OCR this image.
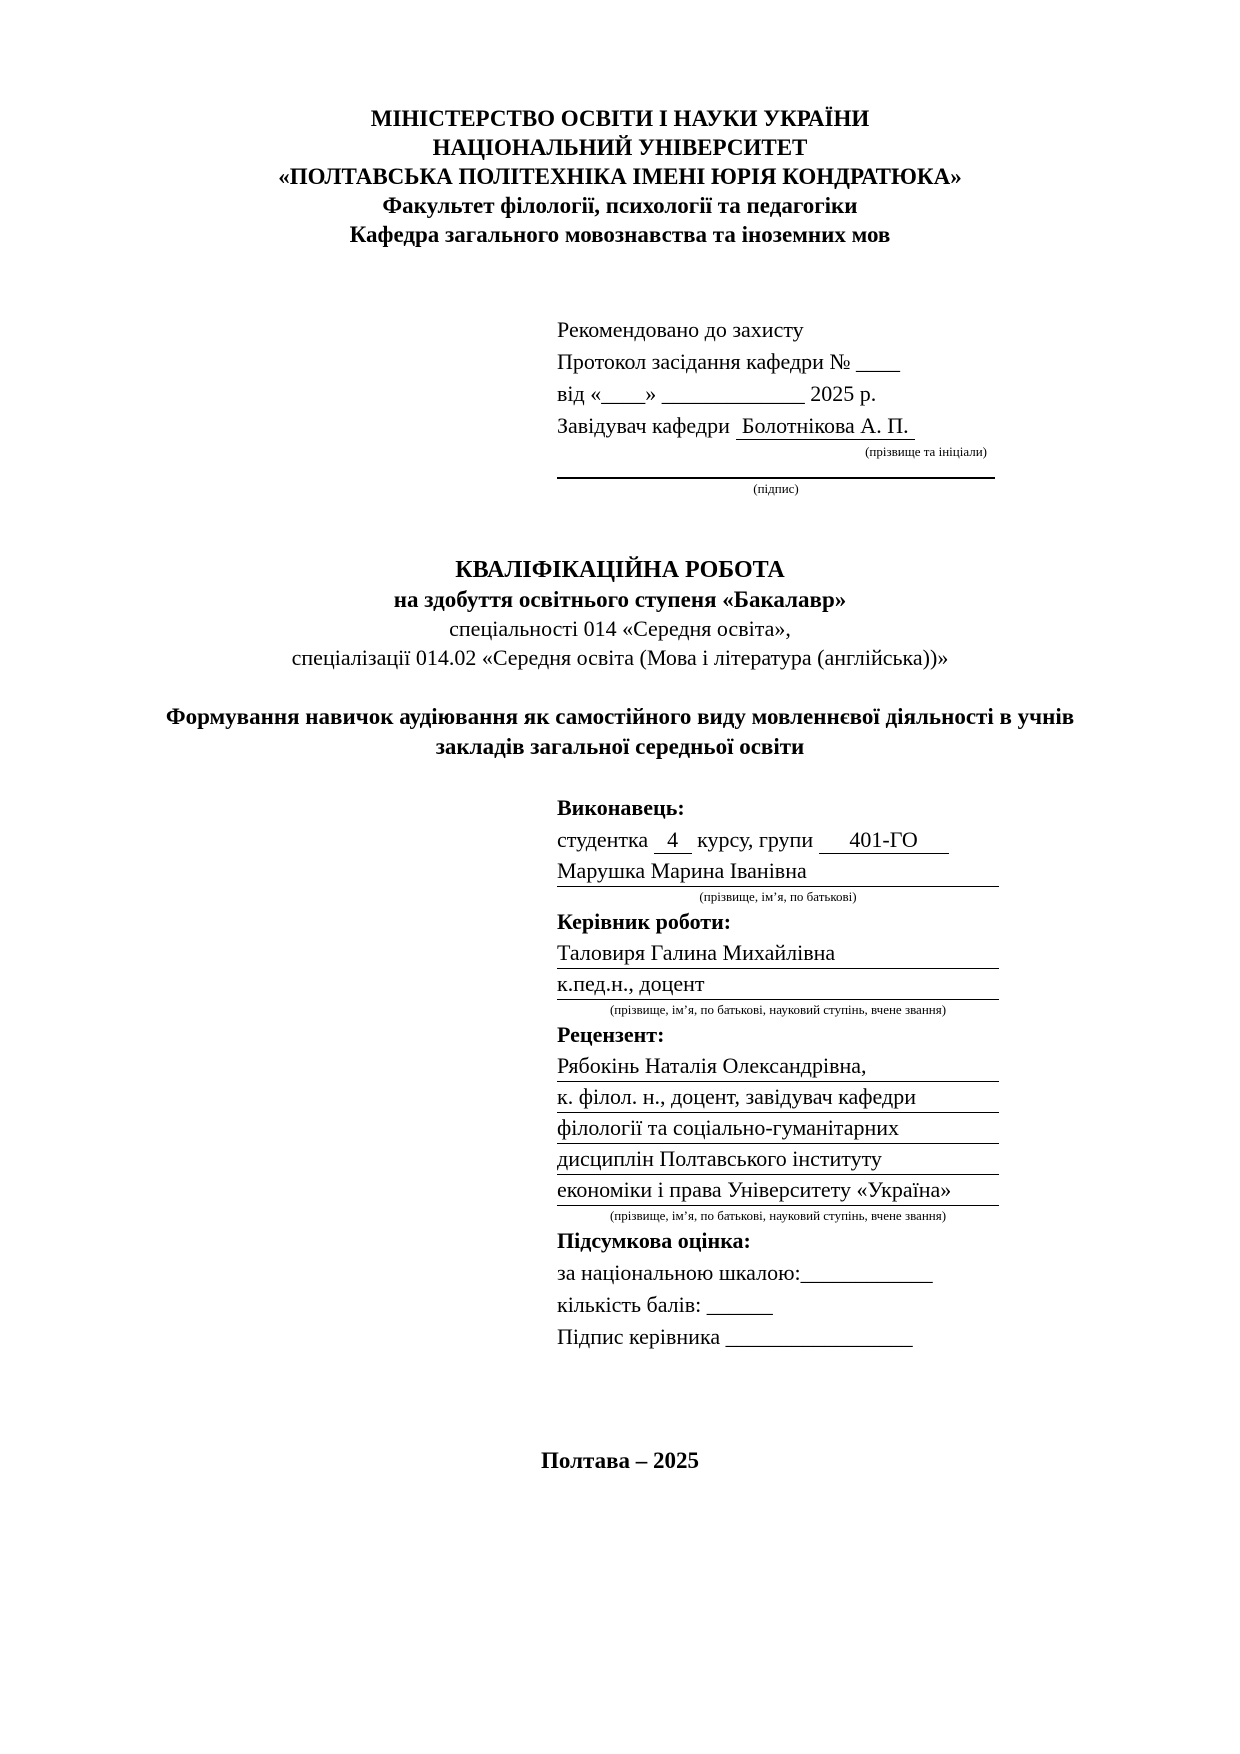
МІНІСТЕРСТВО ОСВІТИ І НАУКИ УКРАЇНИ
НАЦІОНАЛЬНИЙ УНІВЕРСИТЕТ
«ПОЛТАВСЬКА ПОЛІТЕХНІКА ІМЕНІ ЮРІЯ КОНДРАТЮКА»
Факультет філології, психології та педагогіки
Кафедра загального мовознавства та іноземних мов
Рекомендовано до захисту
Протокол засідання кафедри № ____
від «____» _____________ 2025 р.
Завідувач кафедри Болотнікова А. П.
(прізвище та ініціали)
(підпис)
КВАЛІФІКАЦІЙНА РОБОТА
на здобуття освітнього ступеня «Бакалавр»
спеціальності 014 «Середня освіта»,
спеціалізації 014.02 «Середня освіта (Мова і література (англійська))»
Формування навичок аудіювання як самостійного виду мовленнєвої діяльності в учнів закладів загальної середньої освіти
Виконавець:
студентка 4 курсу, групи 401-ГО
Марушка Марина Іванівна
(прізвище, ім’я, по батькові)
Керівник роботи:
Таловиря Галина Михайлівна
к.пед.н., доцент
(прізвище, ім’я, по батькові, науковий ступінь, вчене звання)
Рецензент:
Рябокінь Наталія Олександрівна,
к. філол. н., доцент, завідувач кафедри
філології та соціально-гуманітарних
дисциплін Полтавського інституту
економіки і права Університету «Україна»
(прізвище, ім’я, по батькові, науковий ступінь, вчене звання)
Підсумкова оцінка:
за національною шкалою:____________
кількість балів: ______
Підпис керівника _________________
Полтава – 2025
